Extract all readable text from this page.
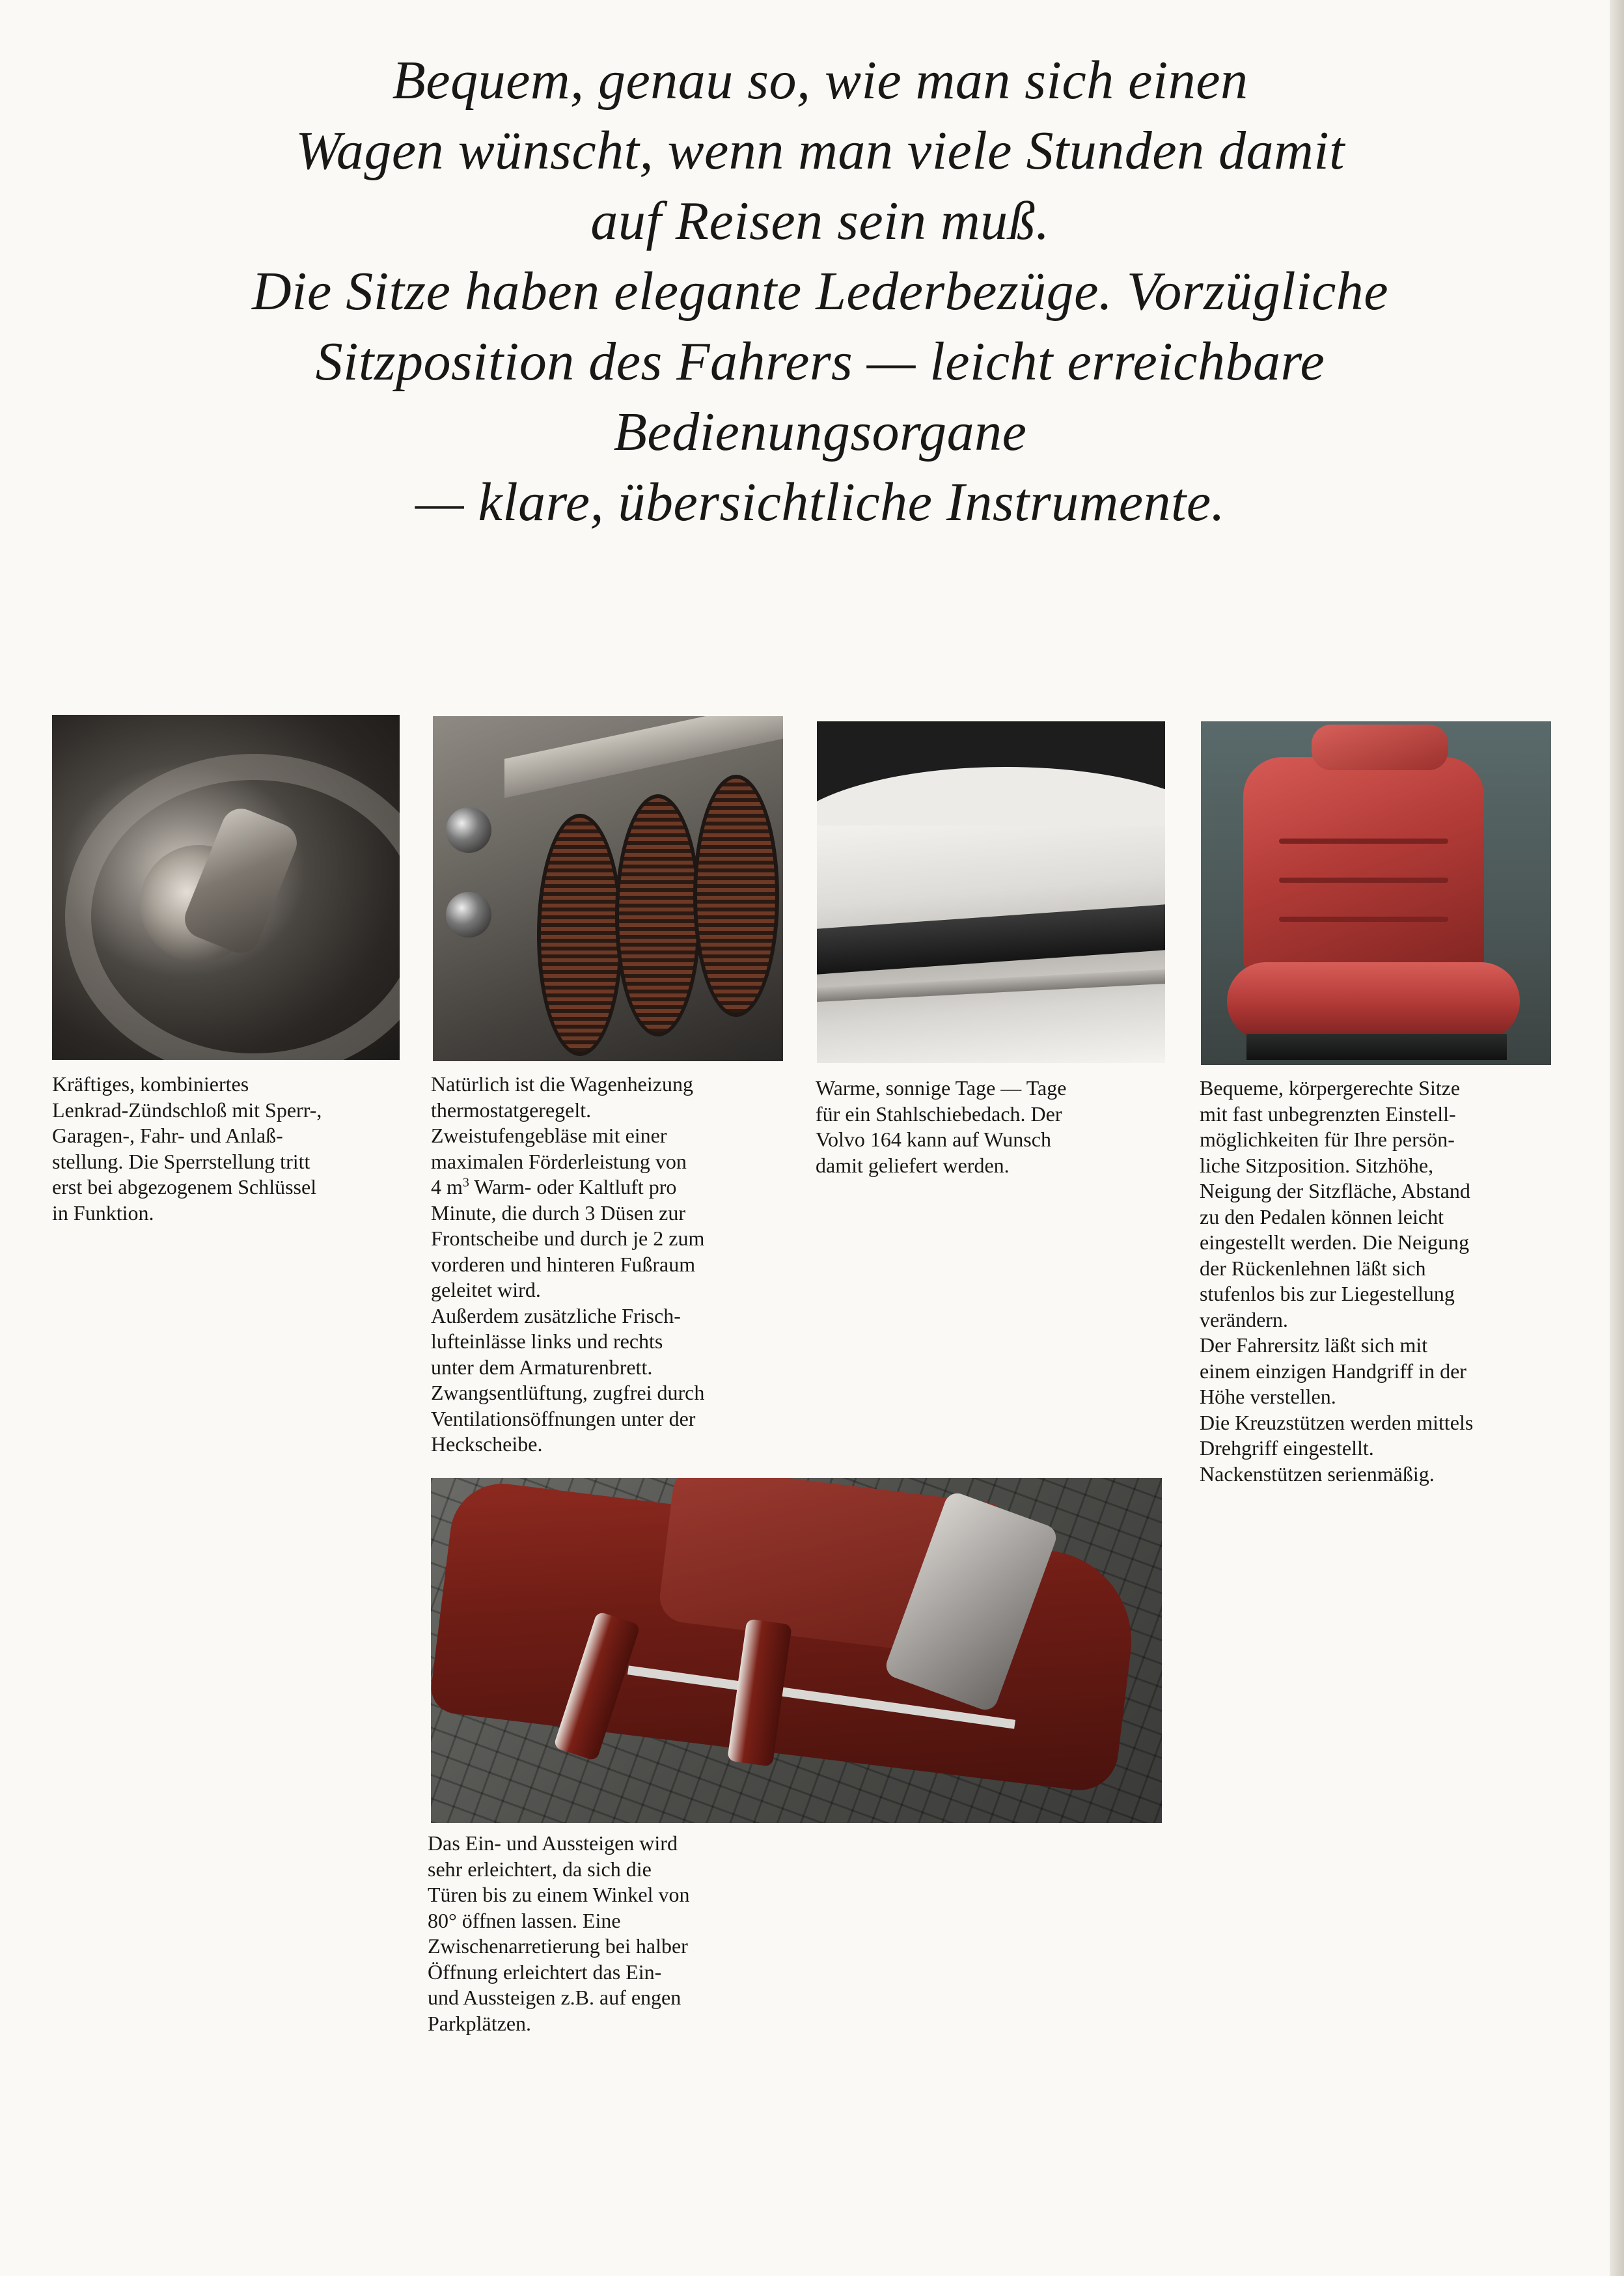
Bequem, genau so, wie man sich einen
Wagen wünscht, wenn man viele Stunden damit
auf Reisen sein muß.
Die Sitze haben elegante Lederbezüge. Vorzügliche
Sitzposition des Fahrers — leicht erreichbare
Bedienungsorgane
— klare, übersichtliche Instrumente.
Kräftiges, kombiniertes
Lenkrad-Zündschloß mit Sperr-,
Garagen-, Fahr- und Anlaß-
stellung. Die Sperrstellung tritt
erst bei abgezogenem Schlüssel
in Funktion.
Natürlich ist die Wagenheizung
thermostatgeregelt.
Zweistufengebläse mit einer
maximalen Förderleistung von
4 $m^3$ Warm- oder Kaltluft pro
Minute, die durch 3 Düsen zur
Frontscheibe und durch je 2 zum
vorderen und hinteren Fußraum
geleitet wird.
Außerdem zusätzliche Frisch-
lufteinlässe links und rechts
unter dem Armaturenbrett.
Zwangsentlüftung, zugfrei durch
Ventilationsöffnungen unter der
Heckscheibe.
Warme, sonnige Tage — Tage
für ein Stahlschiebedach. Der
Volvo 164 kann auf Wunsch
damit geliefert werden.
Bequeme, körpergerechte Sitze
mit fast unbegrenzten Einstell-
möglichkeiten für Ihre persön-
liche Sitzposition. Sitzhöhe,
Neigung der Sitzfläche, Abstand
zu den Pedalen können leicht
eingestellt werden. Die Neigung
der Rückenlehnen läßt sich
stufenlos bis zur Liegestellung
verändern.
Der Fahrersitz läßt sich mit
einem einzigen Handgriff in der
Höhe verstellen.
Die Kreuzstützen werden mittels
Drehgriff eingestellt.
Nackenstützen serienmäßig.
Das Ein- und Aussteigen wird
sehr erleichtert, da sich die
Türen bis zu einem Winkel von
80° öffnen lassen. Eine
Zwischenarretierung bei halber
Öffnung erleichtert das Ein-
und Aussteigen z.B. auf engen
Parkplätzen.
